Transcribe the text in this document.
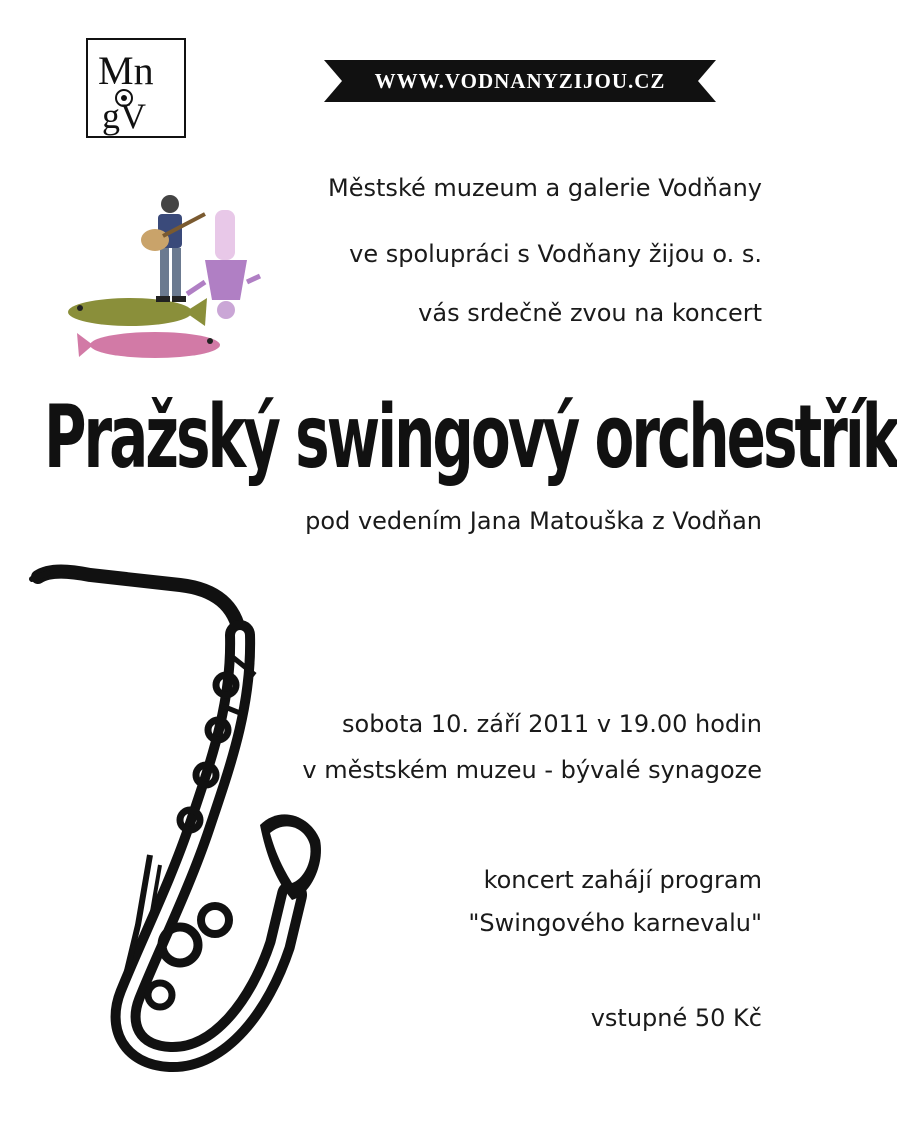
Mn
gV
WWW.VODNANYZIJOU.CZ
Městské muzeum a galerie Vodňany
ve spolupráci s Vodňany žijou o. s.
vás srdečně zvou na koncert
Pražský swingový orchestřík
pod vedením Jana Matouška z Vodňan
sobota 10. září 2011 v 19.00 hodin
v městském muzeu - bývalé synagoze
koncert zahájí program
"Swingového karnevalu"
vstupné 50 Kč
